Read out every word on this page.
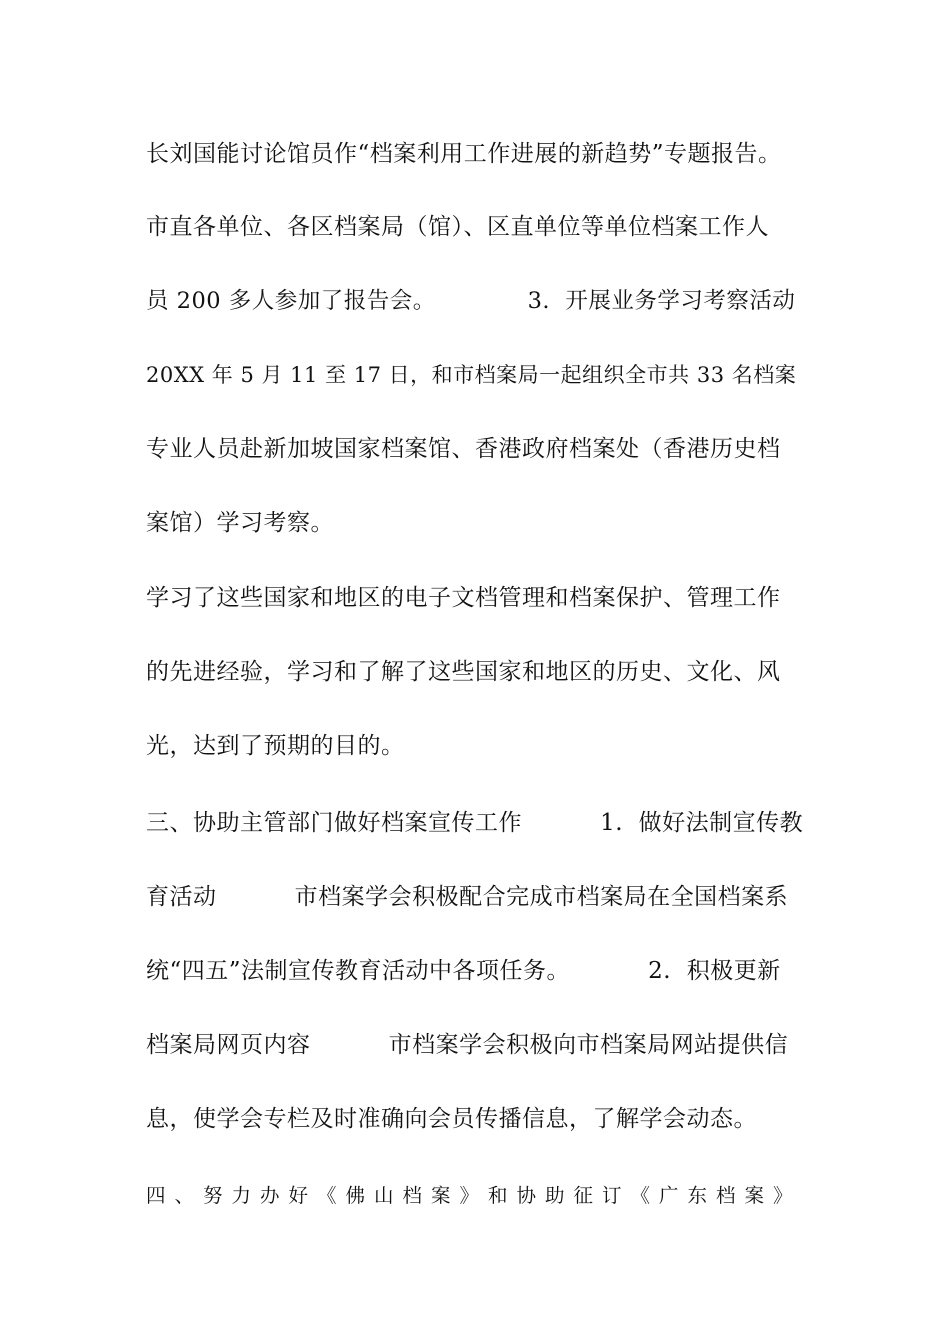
长刘国能讨论馆员作“档案利用工作进展的新趋势”专题报告。
市直各单位、各区档案局（馆）、区直单位等单位档案工作人
员 200 多人参加了报告会。            3.  开展业务学习考察活动
20XX 年 5 月 11 至 17 日，和市档案局一起组织全市共 33 名档案
专业人员赴新加坡国家档案馆、香港政府档案处（香港历史档
案馆）学习考察。
学习了这些国家和地区的电子文档管理和档案保护、管理工作
的先进经验，学习和了解了这些国家和地区的历史、文化、风
光，达到了预期的目的。
三、协助主管部门做好档案宣传工作          1.  做好法制宣传教
育活动          市档案学会积极配合完成市档案局在全国档案系
统“四五”法制宣传教育活动中各项任务。          2.  积极更新
档案局网页内容          市档案学会积极向市档案局网站提供信
息，使学会专栏及时准确向会员传播信息，了解学会动态。
四、努力办好《佛山档案》和协助征订《广东档案》
